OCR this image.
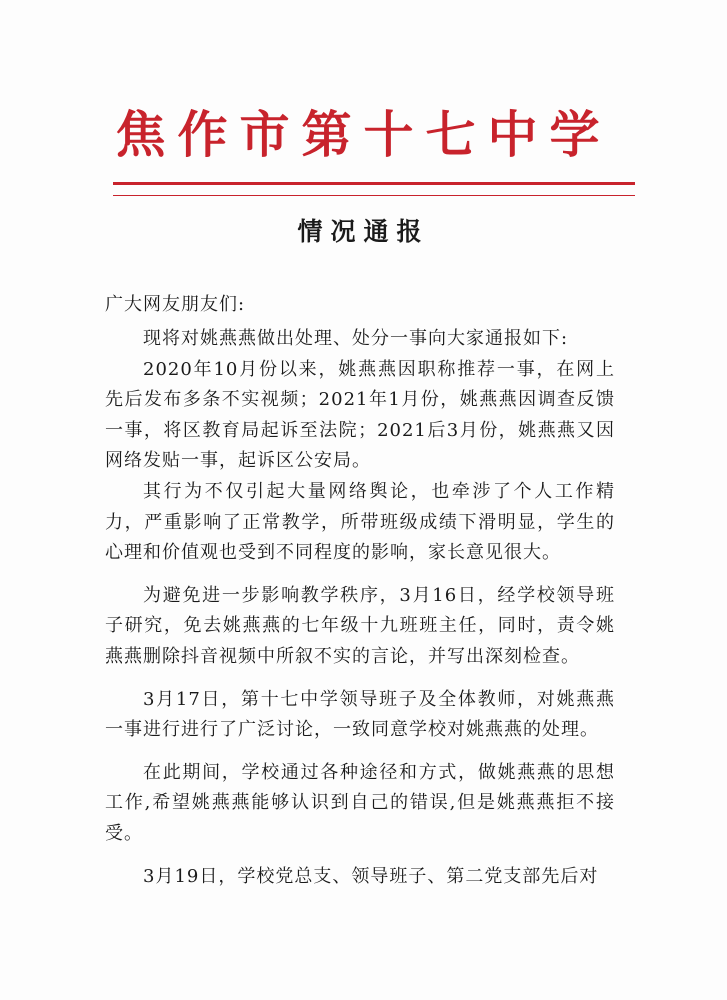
焦作市第十七中学
情况通报
广大网友朋友们:

现将对姚燕燕做出处理、处分一事向大家通报如下:

2020年10月份以来，姚燕燕因职称推荐一事，在网上先后发布多条不实视频；2021年1月份，姚燕燕因调查反馈一事，将区教育局起诉至法院；2021后3月份，姚燕燕又因网络发贴一事，起诉区公安局。

其行为不仅引起大量网络舆论，也牵涉了个人工作精力，严重影响了正常教学，所带班级成绩下滑明显，学生的心理和价值观也受到不同程度的影响，家长意见很大。

为避免进一步影响教学秩序，3月16日，经学校领导班子研究，免去姚燕燕的七年级十九班班主任，同时，责令姚燕燕删除抖音视频中所叙不实的言论，并写出深刻检查。

3月17日，第十七中学领导班子及全体教师，对姚燕燕一事进行进行了广泛讨论，一致同意学校对姚燕燕的处理。

在此期间，学校通过各种途径和方式，做姚燕燕的思想工作,希望姚燕燕能够认识到自己的错误,但是姚燕燕拒不接受。

3月19日，学校党总支、领导班子、第二党支部先后对
